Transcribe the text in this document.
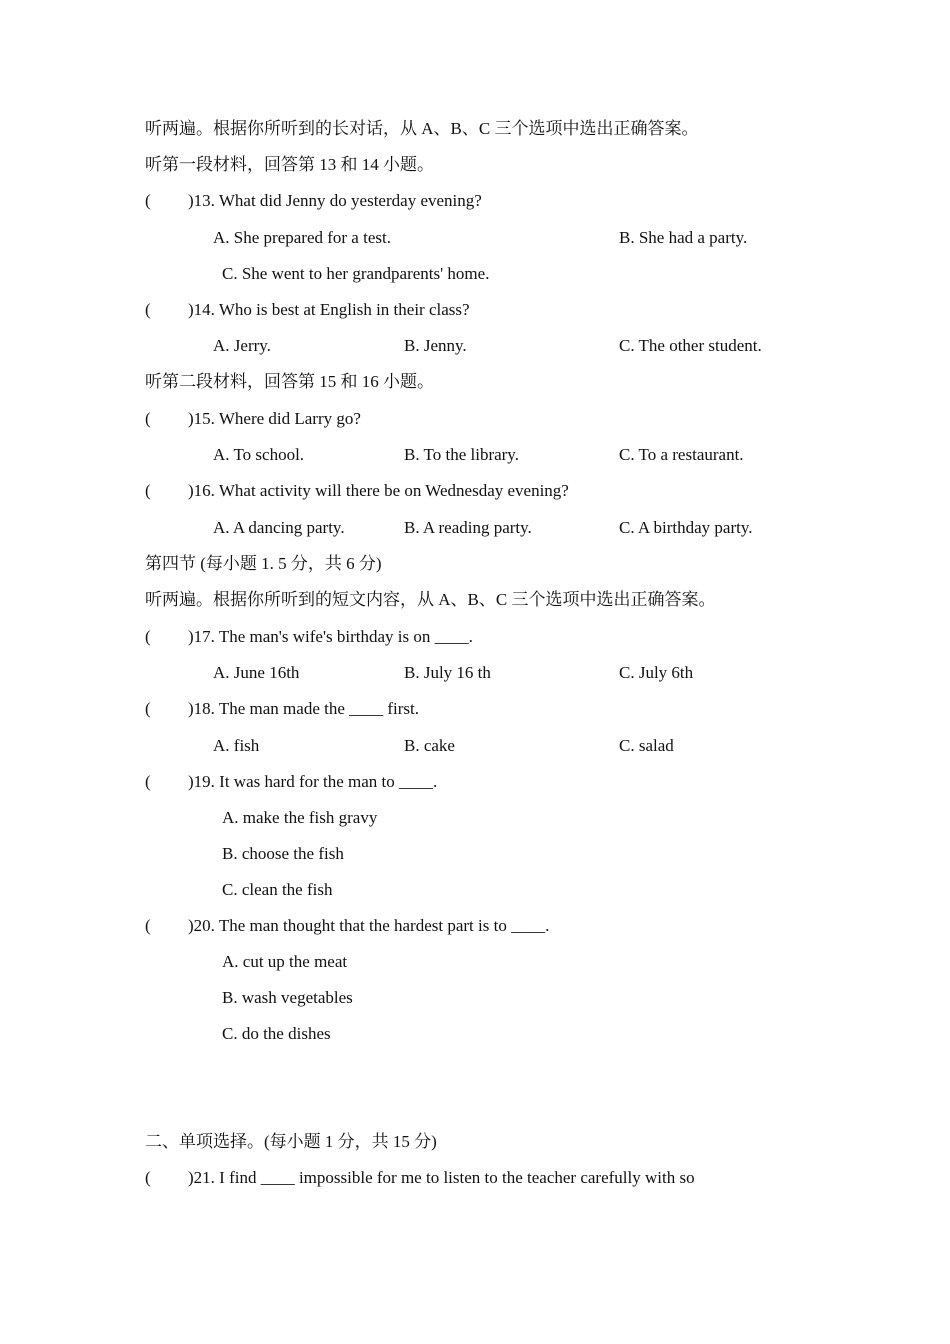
听两遍。根据你所听到的长对话，从 A、B、C 三个选项中选出正确答案。
听第一段材料，回答第 13 和 14 小题。
( )13. What did Jenny do yesterday evening?
A. She prepared for a test.	B. She had a party.
C. She went to her grandparents' home.
( )14. Who is best at English in their class?
A. Jerry.	B. Jenny.	C. The other student.
听第二段材料，回答第 15 和 16 小题。
( )15. Where did Larry go?
A. To school.	B. To the library.	C. To a restaurant.
( )16. What activity will there be on Wednesday evening?
A. A dancing party.	B. A reading party.	C. A birthday party.
第四节 (每小题 1. 5 分，共 6 分)
听两遍。根据你所听到的短文内容，从 A、B、C 三个选项中选出正确答案。
( )17. The man's wife's birthday is on ____.
A. June 16th	B. July 16 th	C. July 6th
( )18. The man made the ____ first.
A. fish	B. cake	C. salad
( )19. It was hard for the man to ____.
A. make the fish gravy
B. choose the fish
C. clean the fish
( )20. The man thought that the hardest part is to ____.
A. cut up the meat
B. wash vegetables
C. do the dishes
二、单项选择。(每小题 1 分，共 15 分)
( )21. I find ____ impossible for me to listen to the teacher carefully with so
